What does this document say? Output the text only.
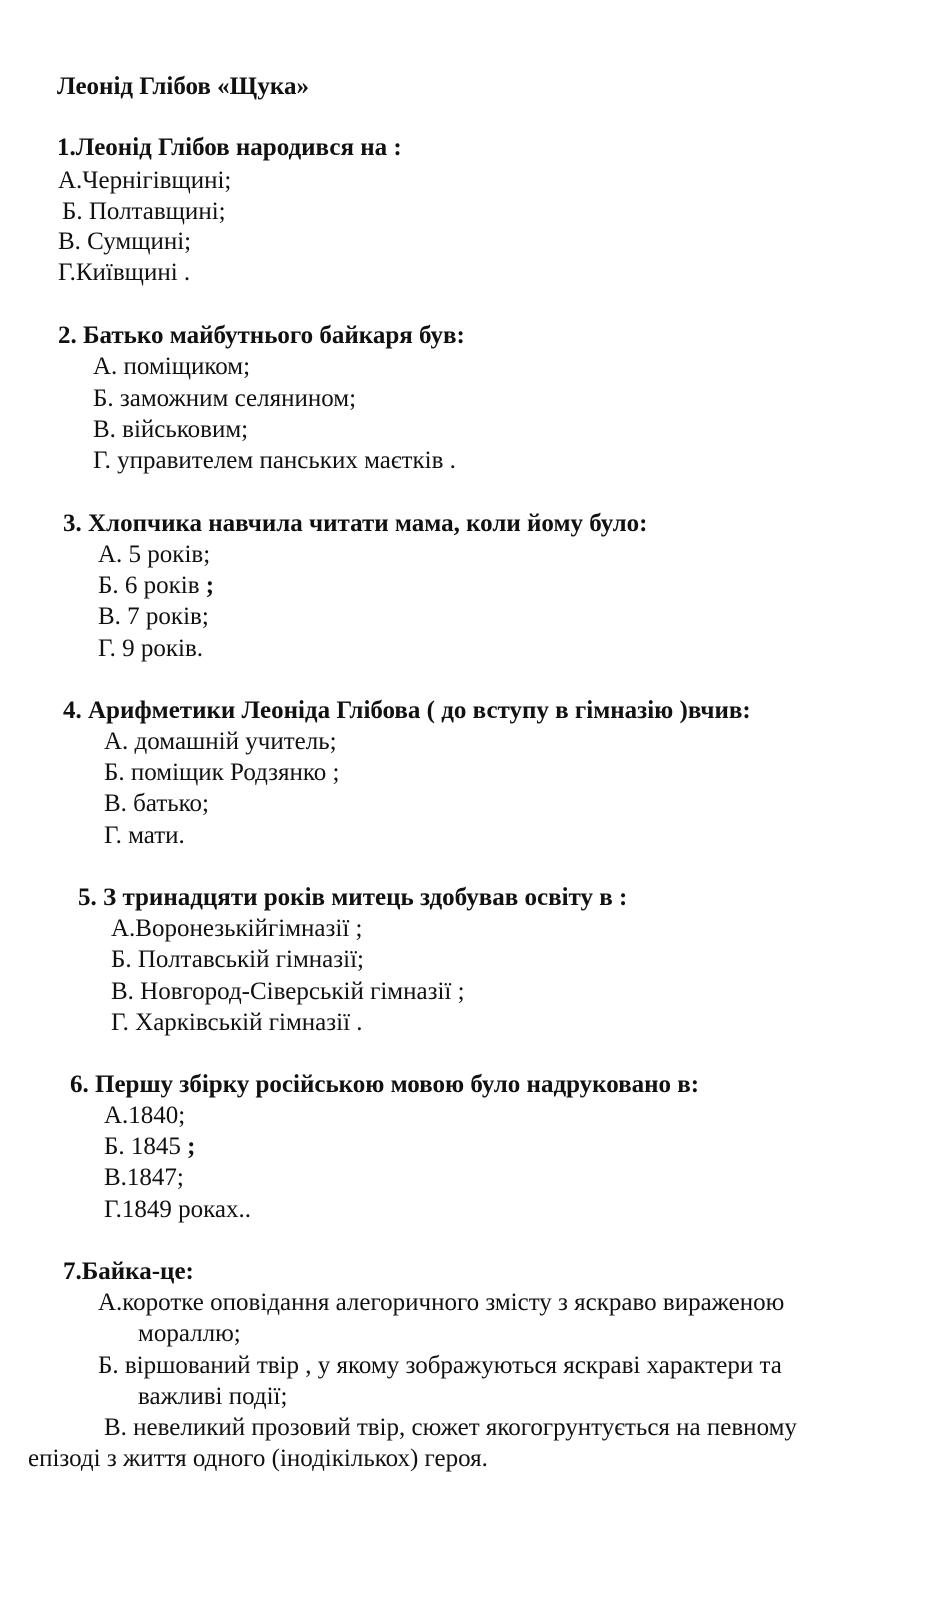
Леонід Глібов «Щука»
1.Леонід Глібов народився на :
А.Чернігівщині;
Б. Полтавщині;
В. Сумщині;
Г.Київщині .
2. Батько майбутнього байкаря був:
А. поміщиком;
Б. заможним селянином;
В. військовим;
Г. управителем панських маєтків .
3. Хлопчика навчила читати мама, коли йому було:
А. 5 років;
Б. 6 років ;
В. 7 років;
Г. 9 років.
4. Арифметики Леоніда Глібова ( до вступу в гімназію )вчив:
А. домашній учитель;
Б. поміщик Родзянко ;
В. батько;
Г. мати.
5. З тринадцяти років митець здобував освіту в :
А.Воронезькійгімназії ;
Б. Полтавській гімназії;
В. Новгород-Сіверській гімназії ;
Г. Харківській гімназії .
6. Першу збірку російською мовою було надруковано в:
А.1840;
Б. 1845 ;
В.1847;
Г.1849 роках..
7.Байка-це:
А.коротке оповідання алегоричного змісту з яскраво вираженою
мораллю;
Б. віршований твір , у якому зображуються яскраві характери та
важливі події;
В. невеликий прозовий твір, сюжет якогогрунтується на певному
епізоді з життя одного (інодікількох) героя.
